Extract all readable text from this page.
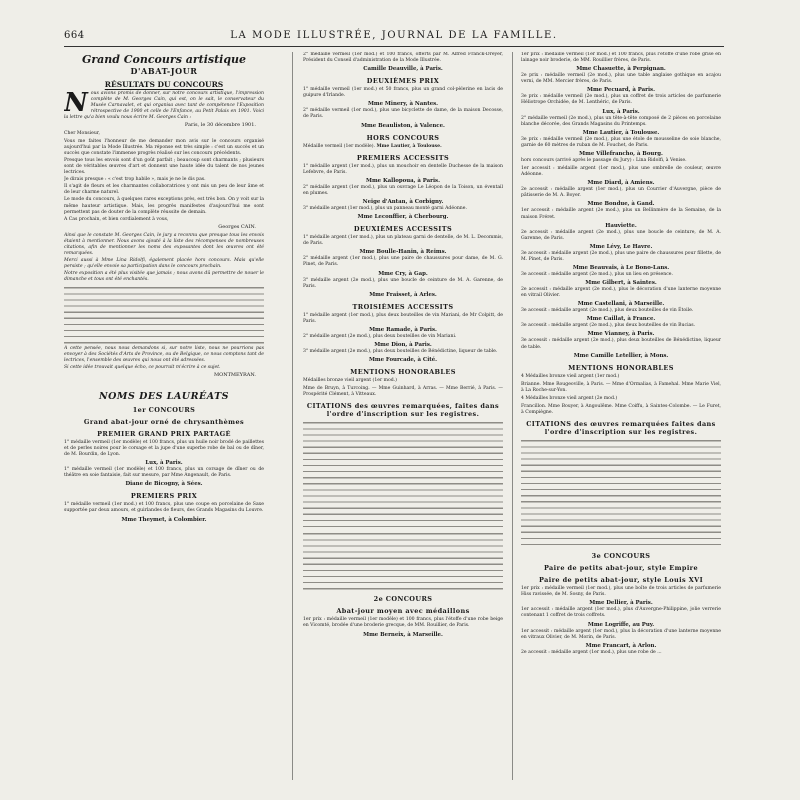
LA MODE ILLUSTRÉE, JOURNAL DE LA FAMILLE.
664

Grand Concours artistique

D'ABAT-JOUR

RÉSULTATS DU CONCOURS

Nous avions promis de donner, sur notre concours artistique, l'impression complète de M. Georges Cain, qui est, on le sait, le conservateur du Musée Carnavalet, et qui organisa avec tant de compétence l'Exposition rétrospective de 1900 et celle de l'Enfance, au Petit Palais en 1901. Voici la lettre qu'a bien voulu nous écrire M. Georges Cain :

Paris, le 30 décembre 1901.

Cher Monsieur,

Vous me faites l'honneur de me demander mon avis sur le concours organisé aujourd'hui par la Mode Illustrée. Ma réponse est très simple : c'est un succès et un succès que constate l'immense progrès réalisé sur les concours précédents.

Presque tous les envois sont d'un goût parfait ; beaucoup sont charmants ; plusieurs sont de véritables œuvres d'art et donnent une haute idée du talent de nos jeunes lectrices.

Je dirais presque : « c'est trop habile », mais je ne le dis pas.

Il s'agit de fleurs et les charmantes collaboratrices y ont mis un peu de leur âme et de leur charme naturel.

Le mode du concours, à quelques rares exceptions près, est très bon. On y voit sur la même hauteur artistique. Mais, les progrès manifestes d'aujourd'hui me sont permettent pas de douter de la complète réussite de demain.

A Cas prochain, et bien cordialement à vous,

Georges CAIN.

Ainsi que le constate M. Georges Cain, le jury a reconnu que presque tous les envois étaient à mentionner. Nous avons ajouté à la liste des récompenses de nombreuses citations, afin de mentionner les noms des exposantes dont les œuvres ont été remarquées.

Merci aussi à Mme Lina Ridolfi, également placée hors concours. Mais qu'elle persiste ; qu'elle envoie sa participation dans le concours prochain.

Notre exposition a été plus visitée que jamais ; nous avons dû permettre de nouer le dimanche et tous ont été enchantés.

A cette pensée, nous nous demandons si, sur notre liste, nous ne pourrions pas envoyer à des Sociétés d'Arts de Province, ou de Belgique, ce nous comptons tant de lectrices, l'ensemble des œuvres qui nous ont été adressées.

Si cette idée trouvait quelque écho, ce pourrait m'écrire à ce sujet.

MONTMEYRAN.

NOMS DES LAURÉATS

1er CONCOURS

Grand abat-jour orné de chrysanthèmes

PREMIER GRAND PRIX PARTAGÉ

1° médaille vermeil (1er modèle) et 100 francs, plus un huile noir brodé de paillettes et de perles noires pour le corsage et la jupe d'une superbe robe de bal ou de dîner, de M. Bourdin, de Lyon.

Lux, à Paris.

1° médaille vermeil (1er modèle) et 100 francs, plus un corsage de dîner ou de théâtre en soie fantaisie, fait sur mesure, par Mme Angenault, de Paris.

Diane de Bicogny, à Sées.

PREMIERS PRIX

1° médaille vermeil (1er mod.) et 100 francs, plus une coupe en porcelaine de Saxe supportée par deux amours, et guirlandes de fleurs, des Grands Magasins du Louvre.

Mme Theymet, à Colombier.

2° médaille vermeil (1er mod.) et 100 francs, offerts par M. Alfred Franck-Dreyer, Président du Conseil d'administration de la Mode Illustrée.

Camille Deauville, à Paris.

DEUXIÈMES PRIX

1° médaille vermeil (1er mod.) et 50 francs, plus un grand col-pèlerine en lacis de guipure d'Irlande.

Mme Minery, à Nantes.

2° médaille vermeil (1er mod.), plus une bicyclette de dame, de la maison Decosse, de Paris.

Mme Beauliston, à Valence.

HORS CONCOURS

Médaille vermeil (1er modèle). Mme Lautier, à Toulouse.

PREMIERS ACCESSITS

1° médaille argent (1er mod.), plus un mouchoir en dentelle Duchesse de la maison Lefebvre, de Paris.

Mme Kallopoua, à Paris.

2° médaille argent (1er mod.), plus un ouvrage Le Léopon de la Toison, un éventail en plumes.

Neige d'Antan, à Corbigny.

3° médaille argent (1er mod.), plus un panneau monté garni Adéonne.

Mme Leconffier, à Cherbourg.

DEUXIÈMES ACCESSITS

1° médaille argent (1er mod.), plus un plateau garni de dentelle, de M. L. Decommis, de Paris.

Mme Boulle-Hanin, à Reims.

2° médaille argent (1er mod.), plus une paire de chaussures pour dame, de M. G. Pinet, de Paris.

Mme Cry, à Gap.

3° médaille argent (2e mod.), plus une boucle de ceinture de M. A. Garenne, de Paris.

Mme Fraisset, à Arles.

TROISIÈMES ACCESSITS

1° médaille argent (1er mod.), plus deux bouteilles de vin Mariani, de Mr Colpitt, de Paris.

Mme Ramade, à Paris.

2° médaille argent (2e mod.), plus deux bouteilles de vin Mariani.

Mme Dion, à Paris.

3° médaille argent (2e mod.), plus deux bouteilles de Bénédictine, liqueur de table.

Mme Fourcade, à Cité.

MENTIONS HONORABLES

Médailles bronze vieil argent (1er mod.)

Mme de Bruyn, à Turcoing. — Mme Guinhard, à Arras. — Mme Berrié, à Paris. — Prospérité Clément, à Vitteaux.

CITATIONS des œuvres remarquées, faites dans l'ordre d'inscription sur les registres.

2e CONCOURS

Abat-jour moyen avec médaillons

1er prix : médaille vermeil (1er modèle) et 100 francs, plus l'étoffe d'une robe beige en Vicomté, brodée d'une broderie grecque, de MM. Rouillier, de Paris.

Mme Berneix, à Marseille.

1er prix : médaille vermeil (1er mod.) et 100 francs, plus l'étoffe d'une robe grise en lainage noir broderie, de MM. Rouillier frères, de Paris.

Mme Chasuette, à Perpignan.

2e prix : médaille vermeil (2e mod.), plus une table anglaise gothique en acajou verni, de MM. Mercier frères, de Paris.

Mme Pecuard, à Paris.

3e prix : médaille vermeil (2e mod.), plus un coffret de trois articles de parfumerie Héliotrope Orchidée, de M. Lenthéric, de Paris.

Lux, à Paris.

2° médaille vermeil (2e mod.), plus un tête-à-tête composé de 2 pièces en porcelaine blanche décorée, des Grands Magasins du Printemps.

Mme Lautier, à Toulouse.

3e prix : médaille vermeil (2e mod.), plus une étole de mousseline de soie blanche, garnie de 60 mètres de ruban de M. Fouchet, de Paris.

Mme Villefrancho, à Bourg.

hors concours (arrivé après le passage du Jury) : Lina Ridolfi, à Venise.

1er accessit : médaille argent (1er mod.), plus une ombrelle de couleur, œuvre Adéonne.

Mme Diard, à Amiens.

2e accessit : médaille argent (1er mod.), plus un Courrier d'Auvergne, pièce de pâtisserie de M. A. Boyer.

Mme Bondue, à Gand.

1er accessit : médaille argent (2e mod.), plus un Bellinmère de la Semaine, de la maison Fréret.

Hauviette.

2e accessit : médaille argent (2e mod.), plus une boucle de ceinture, de M. A. Garenne, de Paris.

Mme Lévy, Le Havre.

3e accessit : médaille argent (2e mod.), plus une paire de chaussures pour fillette, de M. Pinet, de Paris.

Mme Beauvais, à Le Bono-Lans.

3e accessit : médaille argent (2e mod.), plus un lieu en présence.

Mme Gilbert, à Saintes.

2e accessit : médaille argent (2e mod.), plus le décoration d'une lanterne moyenne en vitrail Olivier.

Mme Castellani, à Marseille.

3e accessit : médaille argent (2e mod.), plus deux bouteilles de vin Étoile.

Mme Caillat, à France.

3e accessit : médaille argent (2e mod.), plus deux bouteilles de vin Bucias.

Mme Vianney, à Paris.

3e accessit : médaille argent (2e mod.), plus deux bouteilles de Bénédictine, liqueur de table.

Mme Camille Letellier, à Mons.

MENTIONS HONORABLES

4 Médailles bronze vieil argent (1er mod.)

Brianne. Mme Rougeoville, à Paris. — Mme d'Ormalias, à Famehal. Mme Marie Viel, à La Roche-sur-Yon.

4 Médailles bronze vieil argent (2e mod.)

Francillon. Mme Bouyer, à Angoulême. Mme Coiffu, à Saintes-Colombe. — Le Furet, à Compiègne.

CITATIONS des œuvres remarquées faites dans l'ordre d'inscription sur les registres.

3e CONCOURS

Paire de petits abat-jour, style Empire

Paire de petits abat-jour, style Louis XVI

1er prix : médaille vermeil (1er mod.), plus une boîte de trois articles de parfumerie Hiss ravissée, de M. Sosny, de Paris.

Mme Dellier, à Paris.

1er accessit : médaille argent (1er mod.), plus d'Auvergne-Philippine, jolie verrerie contenant 1 coffret de trois coffrets.

Mme Logriffe, au Puy.

1er accessit : médaille argent (1er mod.), plus la décoration d'une lanterne moyenne en vitraux Olivier, de M. Morin, de Paris.

Mme Francart, à Arlon.

2e accessit : médaille argent (1er mod.), plus une robe de ...
